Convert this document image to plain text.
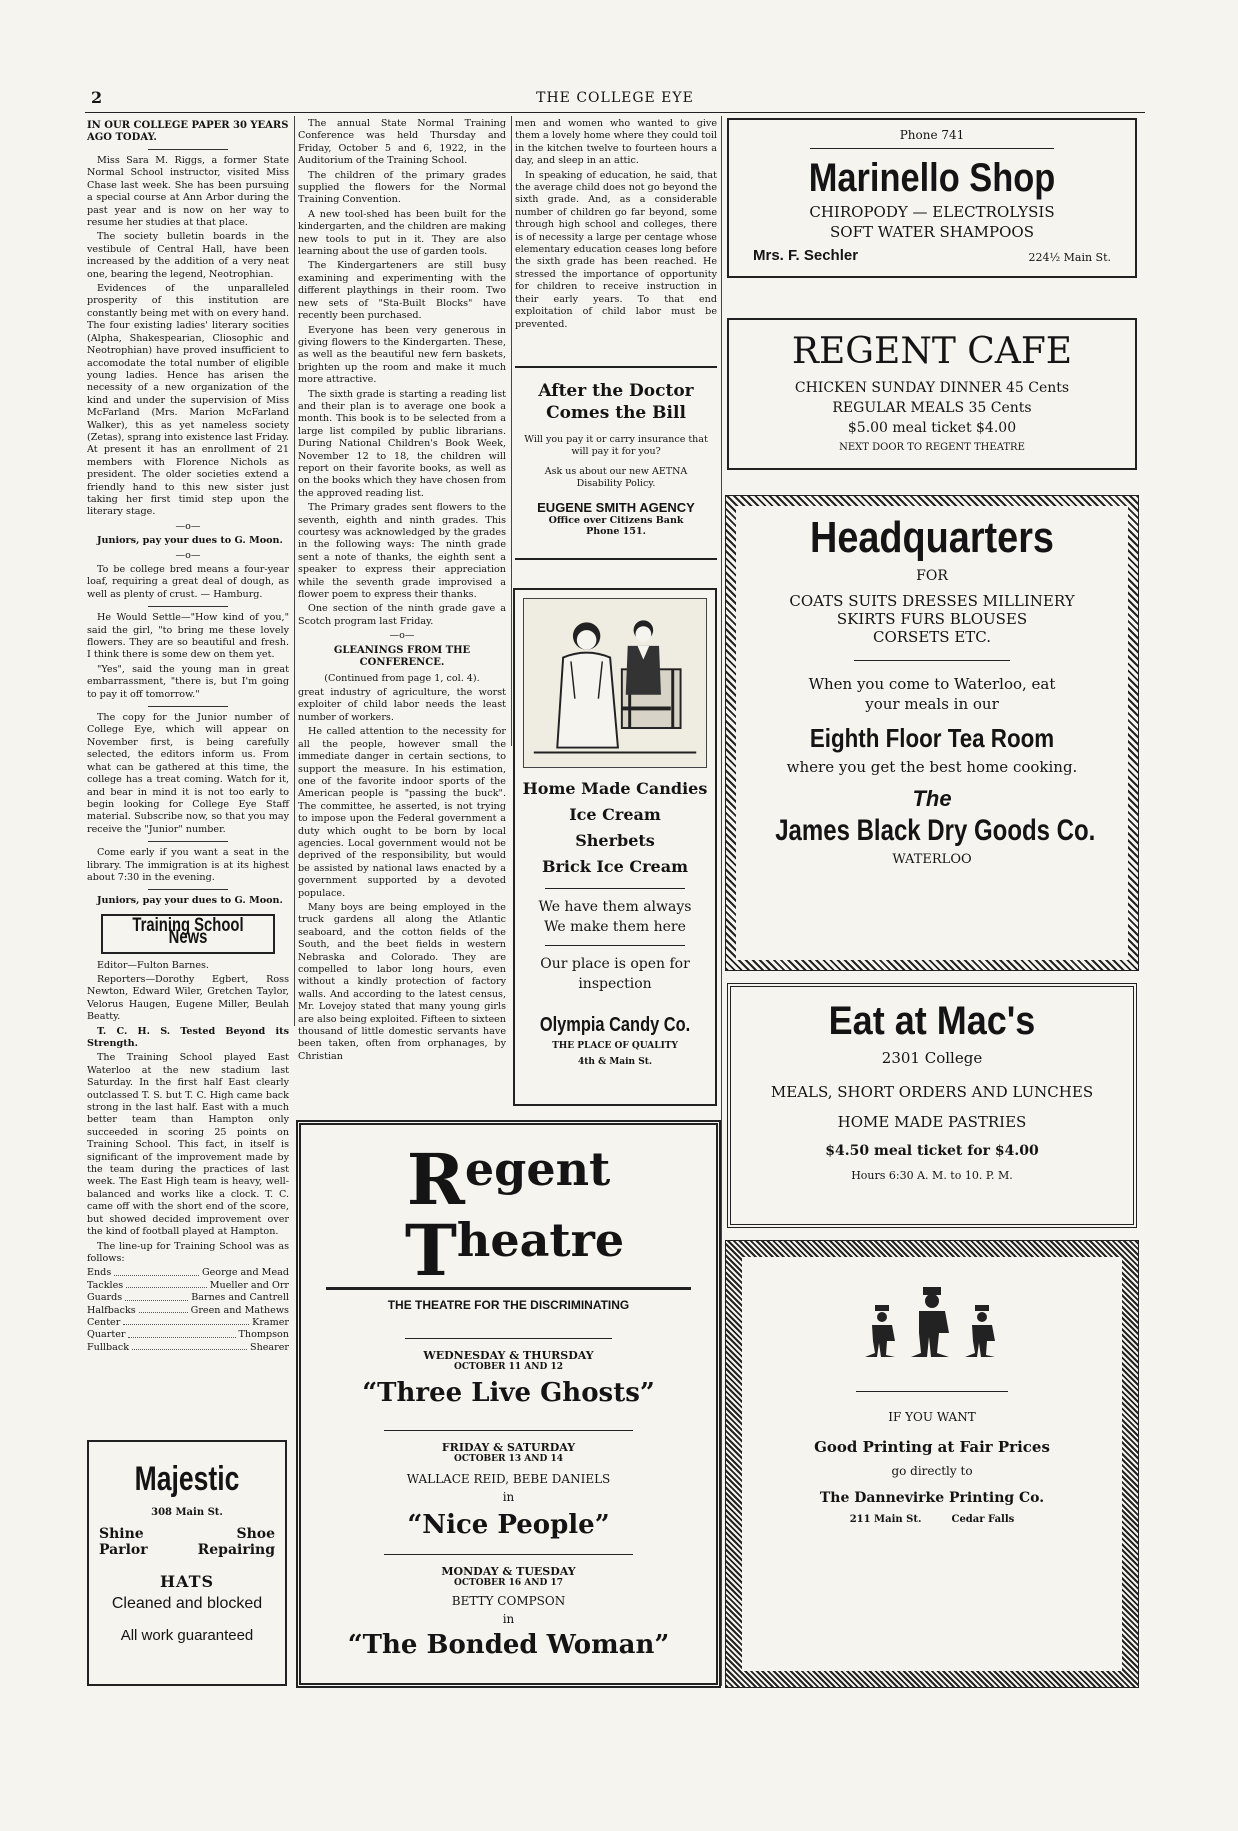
2	THE COLLEGE EYE
IN OUR COLLEGE PAPER 30 YEARS AGO TODAY.

Miss Sara M. Riggs, a former State Normal School instructor, visited Miss Chase last week. She has been pursuing a special course at Ann Arbor during the past year and is now on her way to resume her studies at that place.

The society bulletin boards in the vestibule of Central Hall, have been increased by the addition of a very neat one, bearing the legend, Neotrophian.

Evidences of the unparalleled prosperity of this institution are constantly being met with on every hand. The four existing ladies' literary socities (Alpha, Shakespearian, Cliosophic and Neotrophian) have proved insufficient to accomodate the total number of eligible young ladies. Hence has arisen the necessity of a new organization of the kind and under the supervision of Miss McFarland (Mrs. Marion McFarland Walker), this as yet nameless society (Zetas), sprang into existence last Friday. At present it has an enrollment of 21 members with Florence Nichols as president. The older societies extend a friendly hand to this new sister just taking her first timid step upon the literary stage.

—o—

Juniors, pay your dues to G. Moon.

—o—

To be college bred means a four-year loaf, requiring a great deal of dough, as well as plenty of crust. — Hamburg.

He Would Settle—"How kind of you," said the girl, "to bring me these lovely flowers. They are so beautiful and fresh. I think there is some dew on them yet.

"Yes", said the young man in great embarrassment, "there is, but I'm going to pay it off tomorrow."

The copy for the Junior number of College Eye, which will appear on November first, is being carefully selected, the editors inform us. From what can be gathered at this time, the college has a treat coming. Watch for it, and bear in mind it is not too early to begin looking for College Eye Staff material. Subscribe now, so that you may receive the "Junior" number.

Come early if you want a seat in the library. The immigration is at its highest about 7:30 in the evening.

Juniors, pay your dues to G. Moon.

Training School News

Editor—Fulton Barnes.

Reporters—Dorothy Egbert, Ross Newton, Edward Wiler, Gretchen Taylor, Velorus Haugen, Eugene Miller, Beulah Beatty.

T. C. H. S. Tested Beyond its Strength.

The Training School played East Waterloo at the new stadium last Saturday. In the first half East clearly outclassed T. S. but T. C. High came back strong in the last half. East with a much better team than Hampton only succeeded in scoring 25 points on Training School. This fact, in itself is significant of the improvement made by the team during the practices of last week. The East High team is heavy, well-balanced and works like a clock. T. C. came off with the short end of the score, but showed decided improvement over the kind of football played at Hampton.

The line-up for Training School was as follows:

Ends	George and Mead
Tackles	Mueller and Orr
Guards	Barnes and Cantrell
Halfbacks	Green and Mathews
Center	Kramer
Quarter	Thompson
Fullback	Shearer
Majestic
308 Main St.
Shine
Parlor
Shoe
Repairing
HATS
Cleaned and blocked
All work guaranteed

The annual State Normal Training Conference was held Thursday and Friday, October 5 and 6, 1922, in the Auditorium of the Training School.

The children of the primary grades supplied the flowers for the Normal Training Convention.

A new tool-shed has been built for the kindergarten, and the children are making new tools to put in it. They are also learning about the use of garden tools.

The Kindergarteners are still busy examining and experimenting with the different playthings in their room. Two new sets of "Sta-Built Blocks" have recently been purchased.

Everyone has been very generous in giving flowers to the Kindergarten. These, as well as the beautiful new fern baskets, brighten up the room and make it much more attractive.

The sixth grade is starting a reading list and their plan is to average one book a month. This book is to be selected from a large list compiled by public librarians. During National Children's Book Week, November 12 to 18, the children will report on their favorite books, as well as on the books which they have chosen from the approved reading list.

The Primary grades sent flowers to the seventh, eighth and ninth grades. This courtesy was acknowledged by the grades in the following ways: The ninth grade sent a note of thanks, the eighth sent a speaker to express their appreciation while the seventh grade improvised a flower poem to express their thanks.

One section of the ninth grade gave a Scotch program last Friday.

—o—

GLEANINGS FROM THE CONFERENCE.

(Continued from page 1, col. 4).

great industry of agriculture, the worst exploiter of child labor needs the least number of workers.

He called attention to the necessity for all the people, however small the immediate danger in certain sections, to support the measure. In his estimation, one of the favorite indoor sports of the American people is "passing the buck". The committee, he asserted, is not trying to impose upon the Federal government a duty which ought to be born by local agencies. Local government would not be deprived of the responsibility, but would be assisted by national laws enacted by a government supported by a devoted populace.

Many boys are being employed in the truck gardens all along the Atlantic seaboard, and the cotton fields of the South, and the beet fields in western Nebraska and Colorado. They are compelled to labor long hours, even without a kindly protection of factory walls. And according to the latest census, Mr. Lovejoy stated that many young girls are also being exploited. Fifteen to sixteen thousand of little domestic servants have been taken, often from orphanages, by Christian

men and women who wanted to give them a lovely home where they could toil in the kitchen twelve to fourteen hours a day, and sleep in an attic.

In speaking of education, he said, that the average child does not go beyond the sixth grade. And, as a considerable number of children go far beyond, some through high school and colleges, there is of necessity a large per centage whose elementary education ceases long before the sixth grade has been reached. He stressed the importance of opportunity for children to receive instruction in their early years. To that end exploitation of child labor must be prevented.

After the Doctor Comes the Bill
Will you pay it or carry insurance that will pay it for you?
Ask us about our new AETNA Disability Policy.
EUGENE SMITH AGENCY
Office over Citizens Bank
Phone 151.
Home Made Candies
Ice Cream
Sherbets
Brick Ice Cream
We have them always
We make them here
Our place is open for
inspection
Olympia Candy Co.
THE PLACE OF QUALITY
4th & Main St.
Regent Theatre
THE THEATRE FOR THE DISCRIMINATING
WEDNESDAY & THURSDAY
OCTOBER 11 AND 12
“Three Live Ghosts”
FRIDAY & SATURDAY
OCTOBER 13 AND 14
WALLACE REID, BEBE DANIELS
in
“Nice People”
MONDAY & TUESDAY
OCTOBER 16 AND 17
BETTY COMPSON
in
“The Bonded Woman”
Phone 741
Marinello Shop
CHIROPODY — ELECTROLYSIS
SOFT WATER SHAMPOOS
Mrs. F. Sechler	224½ Main St.
REGENT CAFE
CHICKEN SUNDAY DINNER 45 Cents
REGULAR MEALS 35 Cents
$5.00 meal ticket $4.00
NEXT DOOR TO REGENT THEATRE
Headquarters
FOR
COATS SUITS DRESSES MILLINERY
SKIRTS FURS BLOUSES
CORSETS ETC.
When you come to Waterloo, eat
your meals in our
Eighth Floor Tea Room
where you get the best home cooking.
The
James Black Dry Goods Co.
WATERLOO
Eat at Mac's
2301 College
MEALS, SHORT ORDERS AND LUNCHES
HOME MADE PASTRIES
$4.50 meal ticket for $4.00
Hours 6:30 A. M. to 10. P. M.
IF YOU WANT
Good Printing at Fair Prices
go directly to
The Dannevirke Printing Co.
211 Main St.	Cedar Falls
